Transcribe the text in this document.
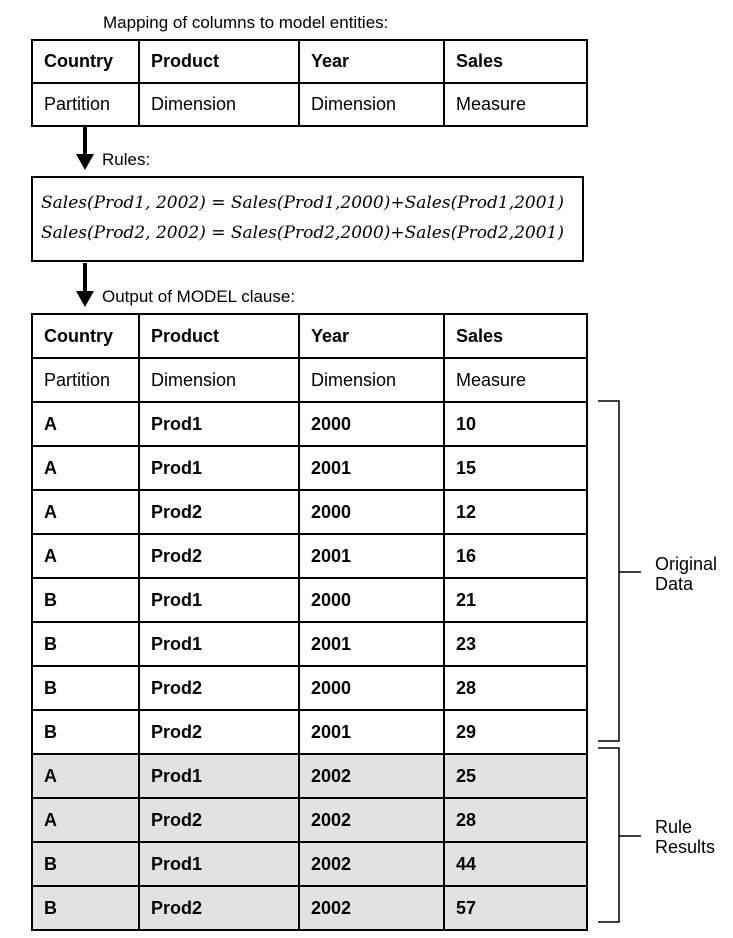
Mapping of columns to model entities:
Country	Product	Year	Sales
Partition	Dimension	Dimension	Measure
Rules:
Sales(Prod1, 2002) = Sales(Prod1,2000)+Sales(Prod1,2001)
Sales(Prod2, 2002) = Sales(Prod2,2000)+Sales(Prod2,2001)
Output of MODEL clause:
Country	Product	Year	Sales
Partition	Dimension	Dimension	Measure
A	Prod1	2000	10
A	Prod1	2001	15
A	Prod2	2000	12
A	Prod2	2001	16
B	Prod1	2000	21
B	Prod1	2001	23
B	Prod2	2000	28
B	Prod2	2001	29
A	Prod1	2002	25
A	Prod2	2002	28
B	Prod1	2002	44
B	Prod2	2002	57
Original
Data
Rule
Results
